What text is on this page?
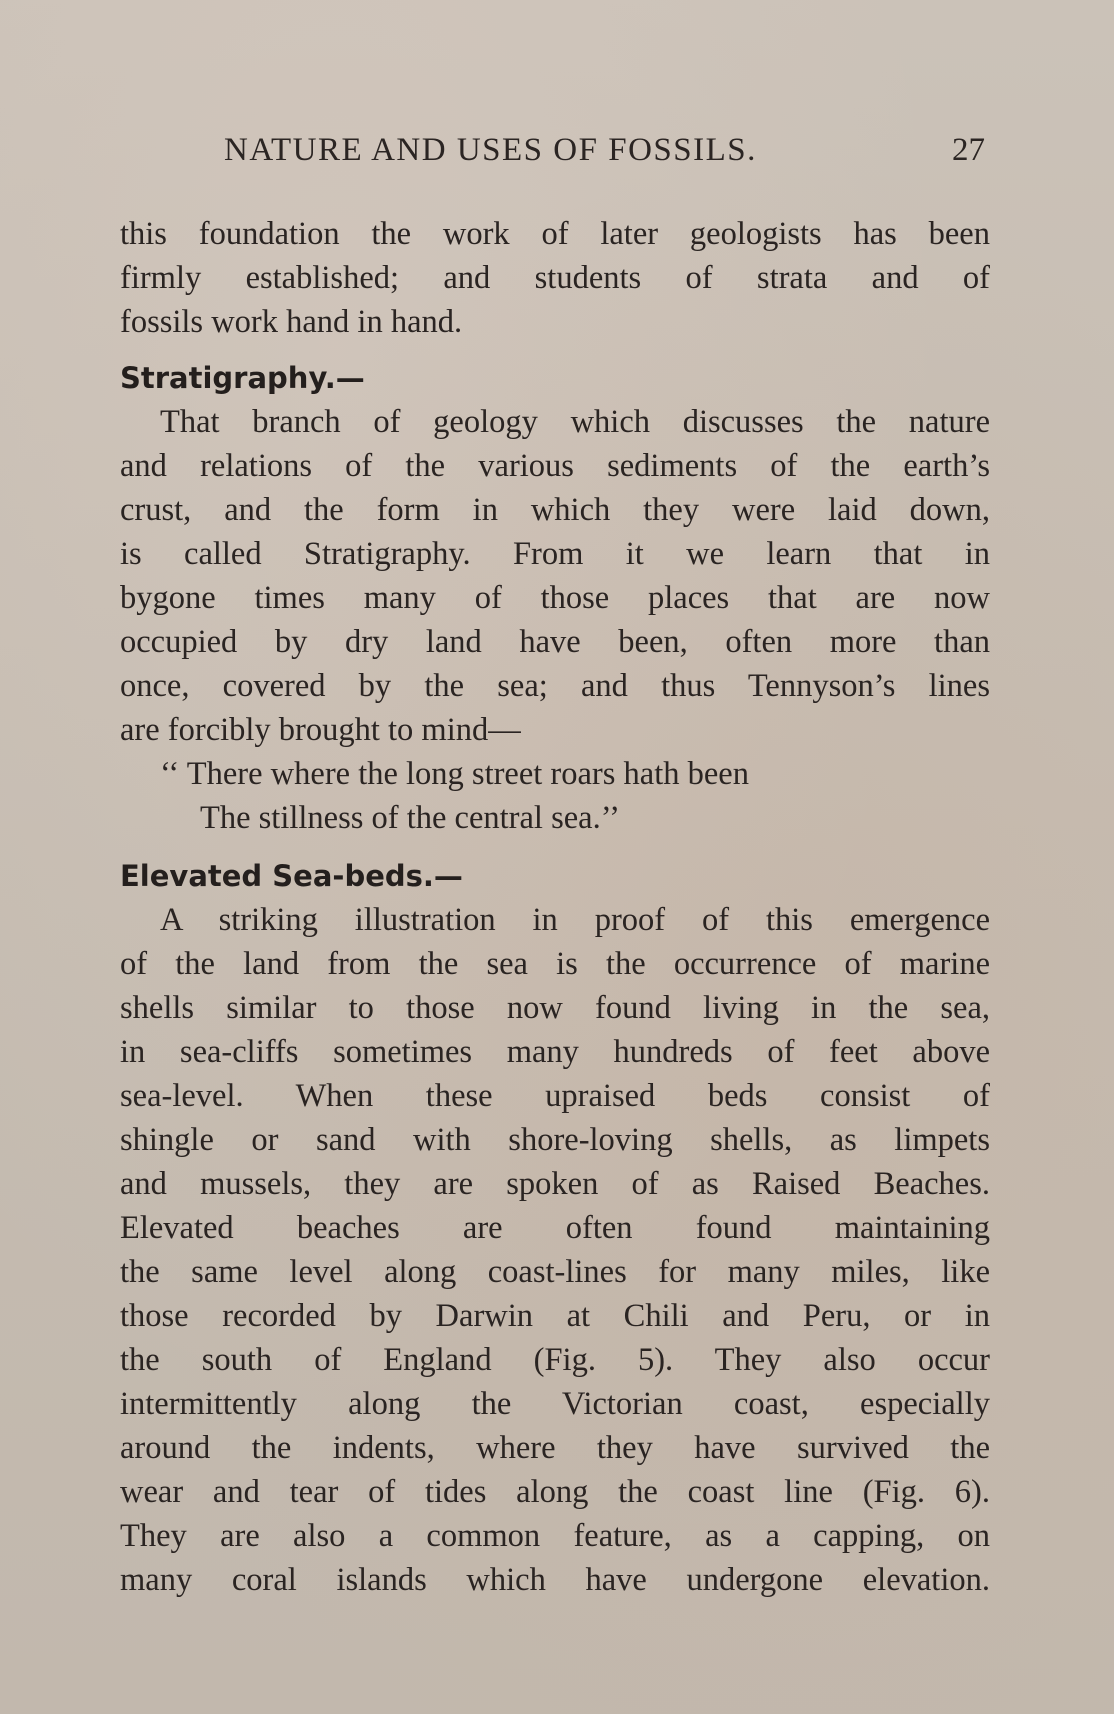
NATURE AND USES OF FOSSILS.	27

this foundation the work of later geologists has been
firmly established; and students of strata and of
fossils work hand in hand.

Stratigraphy.—

That branch of geology which discusses the nature
and relations of the various sediments of the earth’s
crust, and the form in which they were laid down,
is called Stratigraphy. From it we learn that in
bygone times many of those places that are now
occupied by dry land have been, often more than
once, covered by the sea; and thus Tennyson’s lines
are forcibly brought to mind—

‘‘ There where the long street roars hath been
The stillness of the central sea.’’
Elevated Sea-beds.—

A striking illustration in proof of this emergence
of the land from the sea is the occurrence of marine
shells similar to those now found living in the sea,
in sea-cliffs sometimes many hundreds of feet above
sea-level. When these upraised beds consist of
shingle or sand with shore-loving shells, as limpets
and mussels, they are spoken of as Raised Beaches.
Elevated beaches are often found maintaining
the same level along coast-lines for many miles, like
those recorded by Darwin at Chili and Peru, or in
the south of England (Fig. 5). They also occur
intermittently along the Victorian coast, especially
around the indents, where they have survived the
wear and tear of tides along the coast line (Fig. 6).
They are also a common feature, as a capping, on
many coral islands which have undergone elevation.
